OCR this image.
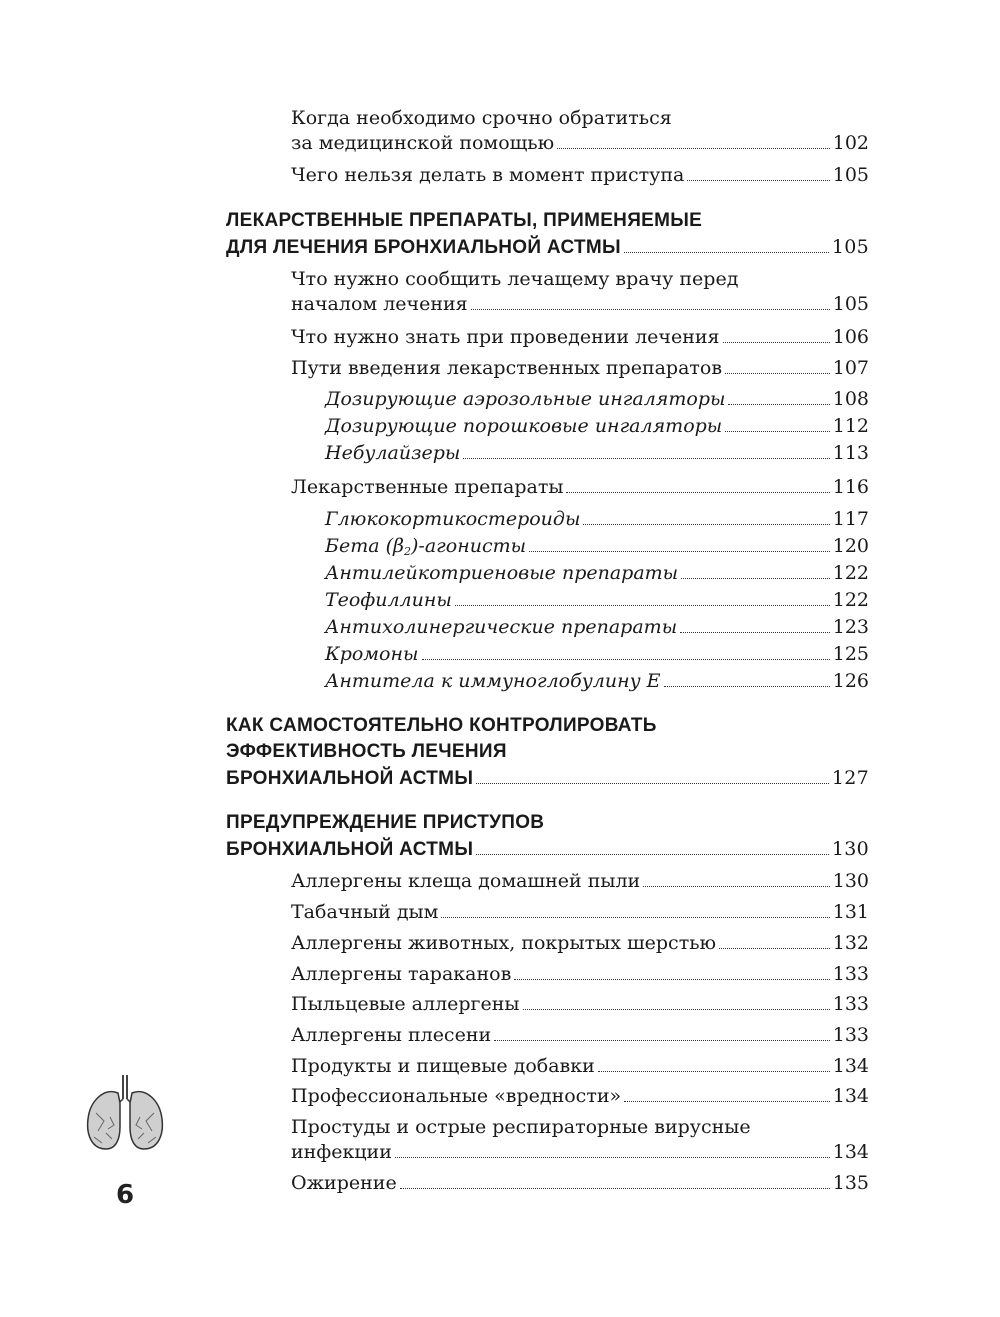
Когда необходимо срочно обратиться
за медицинской помощью	102
Чего нельзя делать в момент приступа	105
ЛЕКАРСТВЕННЫЕ ПРЕПАРАТЫ, ПРИМЕНЯЕМЫЕ
ДЛЯ ЛЕЧЕНИЯ БРОНХИАЛЬНОЙ АСТМЫ	105
Что нужно сообщить лечащему врачу перед
началом лечения	105
Что нужно знать при проведении лечения	106
Пути введения лекарственных препаратов	107
Дозирующие аэрозольные ингаляторы	108
Дозирующие порошковые ингаляторы	112
Небулайзеры	113
Лекарственные препараты	116
Глюкокортикостероиды	117
Бета $(\beta_2)$-агонисты	120
Антилейкотриеновые препараты	122
Теофиллины	122
Антихолинергические препараты	123
Кромоны	125
Антитела к иммуноглобулину Е	126
КАК САМОСТОЯТЕЛЬНО КОНТРОЛИРОВАТЬ
ЭФФЕКТИВНОСТЬ ЛЕЧЕНИЯ
БРОНХИАЛЬНОЙ АСТМЫ	127
ПРЕДУПРЕЖДЕНИЕ ПРИСТУПОВ
БРОНХИАЛЬНОЙ АСТМЫ	130
Аллергены клеща домашней пыли	130
Табачный дым	131
Аллергены животных, покрытых шерстью	132
Аллергены тараканов	133
Пыльцевые аллергены	133
Аллергены плесени	133
Продукты и пищевые добавки	134
Профессиональные «вредности»	134
Простуды и острые респираторные вирусные
инфекции	134
Ожирение	135
6
